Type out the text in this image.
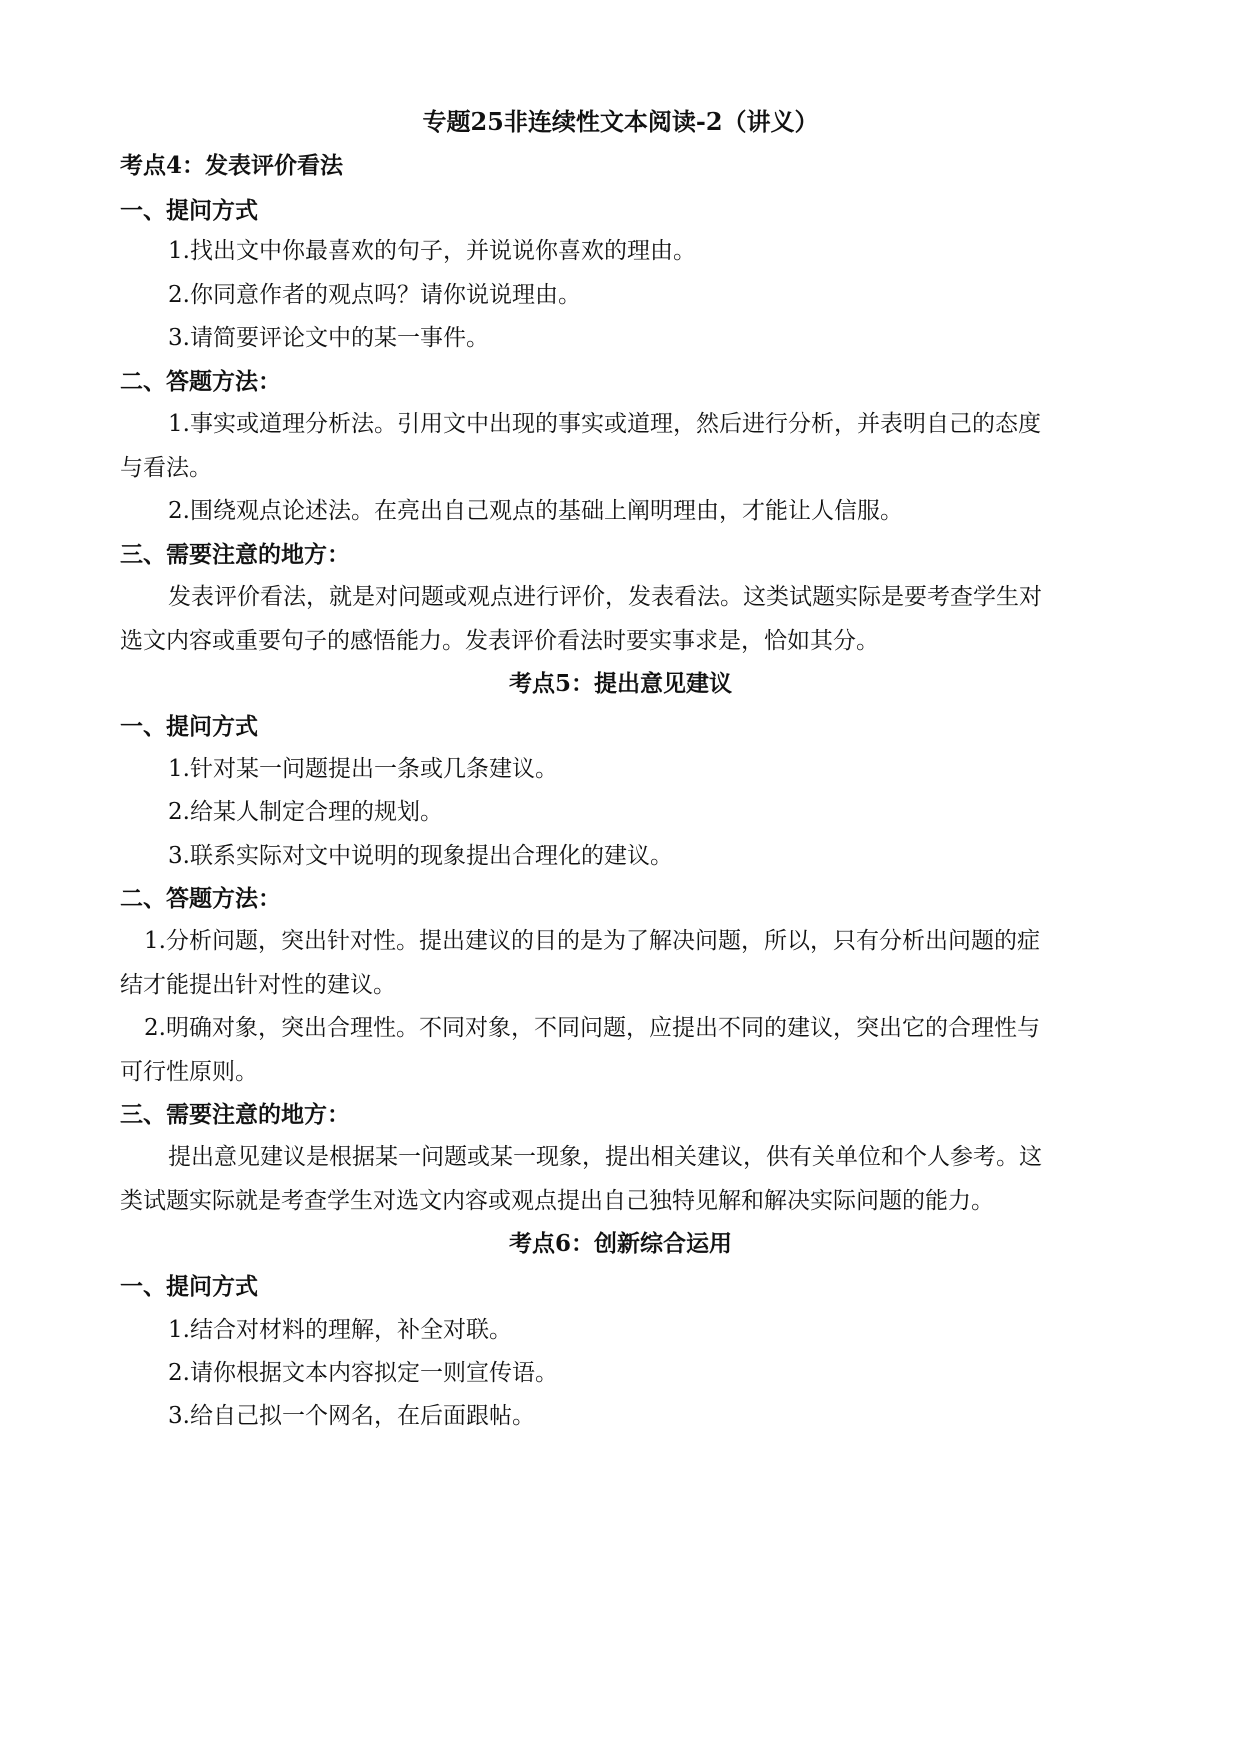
专题25非连续性文本阅读-2（讲义）
考点4：发表评价看法
一、提问方式
1.找出文中你最喜欢的句子，并说说你喜欢的理由。
2.你同意作者的观点吗？请你说说理由。
3.请简要评论文中的某一事件。
二、答题方法：
1.事实或道理分析法。引用文中出现的事实或道理，然后进行分析，并表明自己的态度
与看法。
2.围绕观点论述法。在亮出自己观点的基础上阐明理由，才能让人信服。
三、需要注意的地方：
发表评价看法，就是对问题或观点进行评价，发表看法。这类试题实际是要考查学生对
选文内容或重要句子的感悟能力。发表评价看法时要实事求是，恰如其分。
考点5：提出意见建议
一、提问方式
1.针对某一问题提出一条或几条建议。
2.给某人制定合理的规划。
3.联系实际对文中说明的现象提出合理化的建议。
二、答题方法：
1.分析问题，突出针对性。提出建议的目的是为了解决问题，所以，只有分析出问题的症
结才能提出针对性的建议。
2.明确对象，突出合理性。不同对象，不同问题，应提出不同的建议，突出它的合理性与
可行性原则。
三、需要注意的地方：
提出意见建议是根据某一问题或某一现象，提出相关建议，供有关单位和个人参考。这
类试题实际就是考查学生对选文内容或观点提出自己独特见解和解决实际问题的能力。
考点6：创新综合运用
一、提问方式
1.结合对材料的理解，补全对联。
2.请你根据文本内容拟定一则宣传语。
3.给自己拟一个网名，在后面跟帖。
